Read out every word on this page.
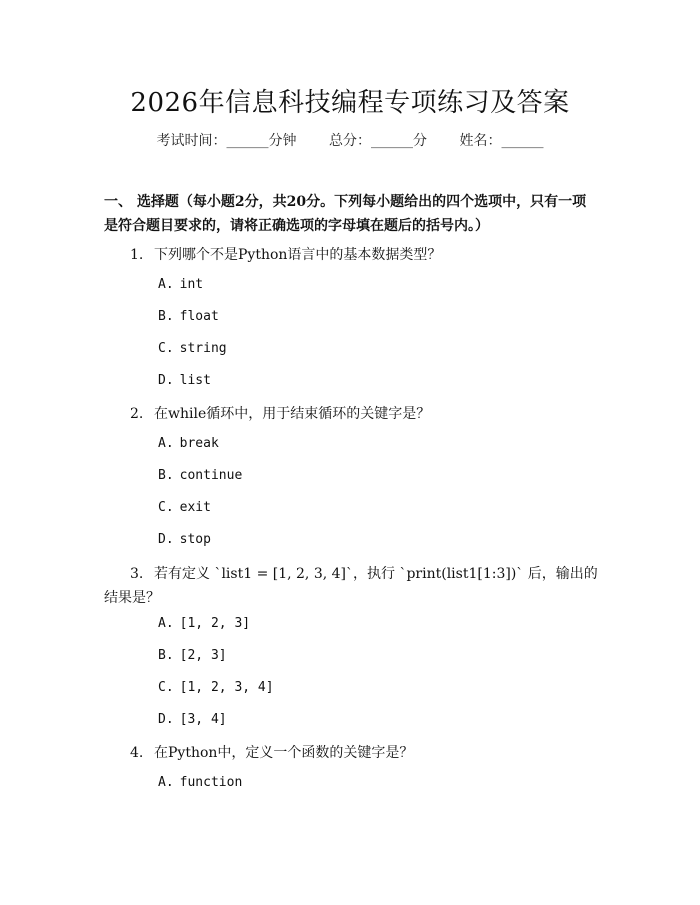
2026年信息科技编程专项练习及答案
考试时间：______分钟 总分：______分 姓名：______
一、 选择题（每小题2分，共20分。下列每小题给出的四个选项中，只有一项是符合题目要求的，请将正确选项的字母填在题后的括号内。）
1. 下列哪个不是Python语言中的基本数据类型？
A. int
B. float
C. string
D. list
2. 在while循环中，用于结束循环的关键字是？
A. break
B. continue
C. exit
D. stop
3. 若有定义 `list1 = [1, 2, 3, 4]`，执行 `print(list1[1:3])` 后，输出的结果是？
A. [1, 2, 3]
B. [2, 3]
C. [1, 2, 3, 4]
D. [3, 4]
4. 在Python中，定义一个函数的关键字是？
A. function
